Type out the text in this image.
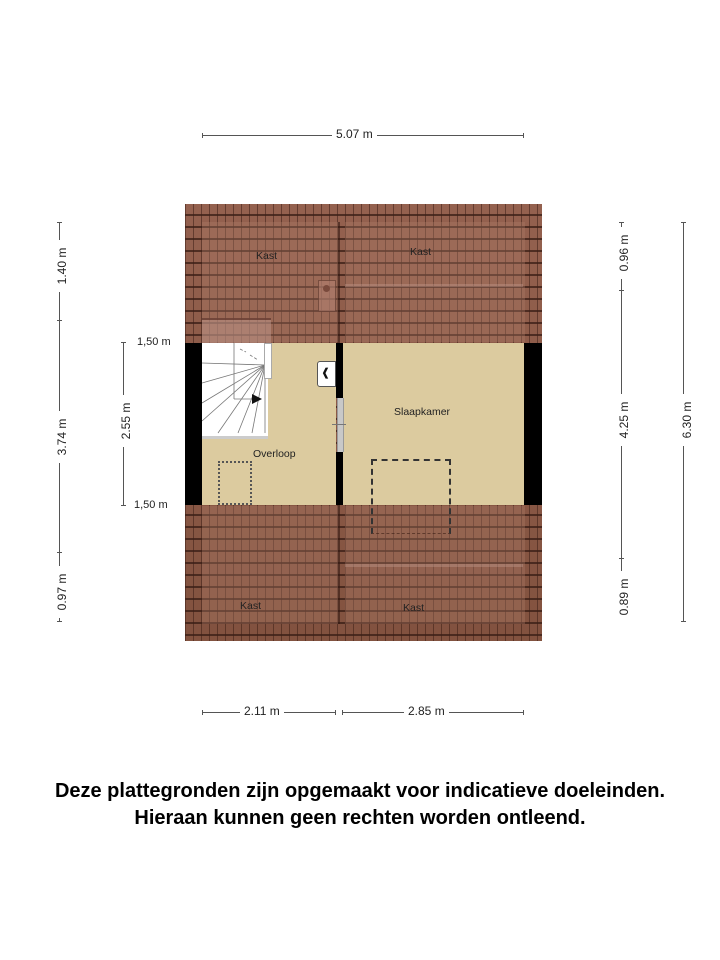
5.07 m
❰
Kast	Kast
Overloop
Slaapkamer
Kast	Kast
1.40 m
3.74 m
0.97 m
2.55 m
1,50 m
1,50 m
0.96 m
4.25 m
0.89 m
6.30 m
2.11 m	2.85 m
Deze plattegronden zijn opgemaakt voor indicatieve doeleinden.
Hieraan kunnen geen rechten worden ontleend.
